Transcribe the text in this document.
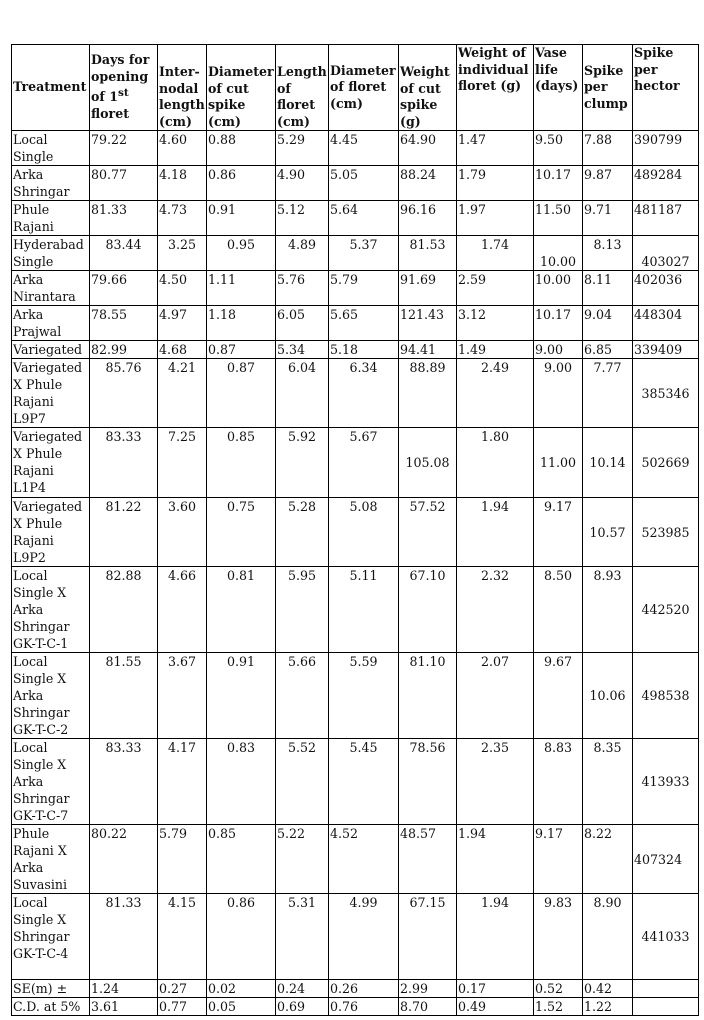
Treatment	Days for opening of 1st floret	Inter- nodal length (cm)	Diameter of cut spike (cm)	Length of floret (cm)	Diameter of floret (cm)	Weight of cut spike (g)	Weight of individual floret (g)	Vase life (days)	Spike per clump	Spike per hector
Local Single	79.22	4.60	0.88	5.29	4.45	64.90	1.47	9.50	7.88	390799
Arka Shringar	80.77	4.18	0.86	4.90	5.05	88.24	1.79	10.17	9.87	489284
Phule Rajani	81.33	4.73	0.91	5.12	5.64	96.16	1.97	11.50	9.71	481187
Hyderabad Single	83.44	3.25	0.95	4.89	5.37	81.53	1.74	10.00	8.13	403027
Arka Nirantara	79.66	4.50	1.11	5.76	5.79	91.69	2.59	10.00	8.11	402036
Arka Prajwal	78.55	4.97	1.18	6.05	5.65	121.43	3.12	10.17	9.04	448304
Variegated	82.99	4.68	0.87	5.34	5.18	94.41	1.49	9.00	6.85	339409
Variegated X Phule Rajani L9P7	85.76	4.21	0.87	6.04	6.34	88.89	2.49	9.00	7.77	385346
Variegated X Phule Rajani L1P4	83.33	7.25	0.85	5.92	5.67	105.08	1.80	11.00	10.14	502669
Variegated X Phule Rajani L9P2	81.22	3.60	0.75	5.28	5.08	57.52	1.94	9.17	10.57	523985
Local Single X Arka Shringar GK-T-C-1	82.88	4.66	0.81	5.95	5.11	67.10	2.32	8.50	8.93	442520
Local Single X Arka Shringar GK-T-C-2	81.55	3.67	0.91	5.66	5.59	81.10	2.07	9.67	10.06	498538
Local Single X Arka Shringar GK-T-C-7	83.33	4.17	0.83	5.52	5.45	78.56	2.35	8.83	8.35	413933
Phule Rajani X Arka Suvasini	80.22	5.79	0.85	5.22	4.52	48.57	1.94	9.17	8.22	407324
Local Single X Shringar GK-T-C-4	81.33	4.15	0.86	5.31	4.99	67.15	1.94	9.83	8.90	441033
SE(m) ±	1.24	0.27	0.02	0.24	0.26	2.99	0.17	0.52	0.42	
C.D. at 5%	3.61	0.77	0.05	0.69	0.76	8.70	0.49	1.52	1.22	
